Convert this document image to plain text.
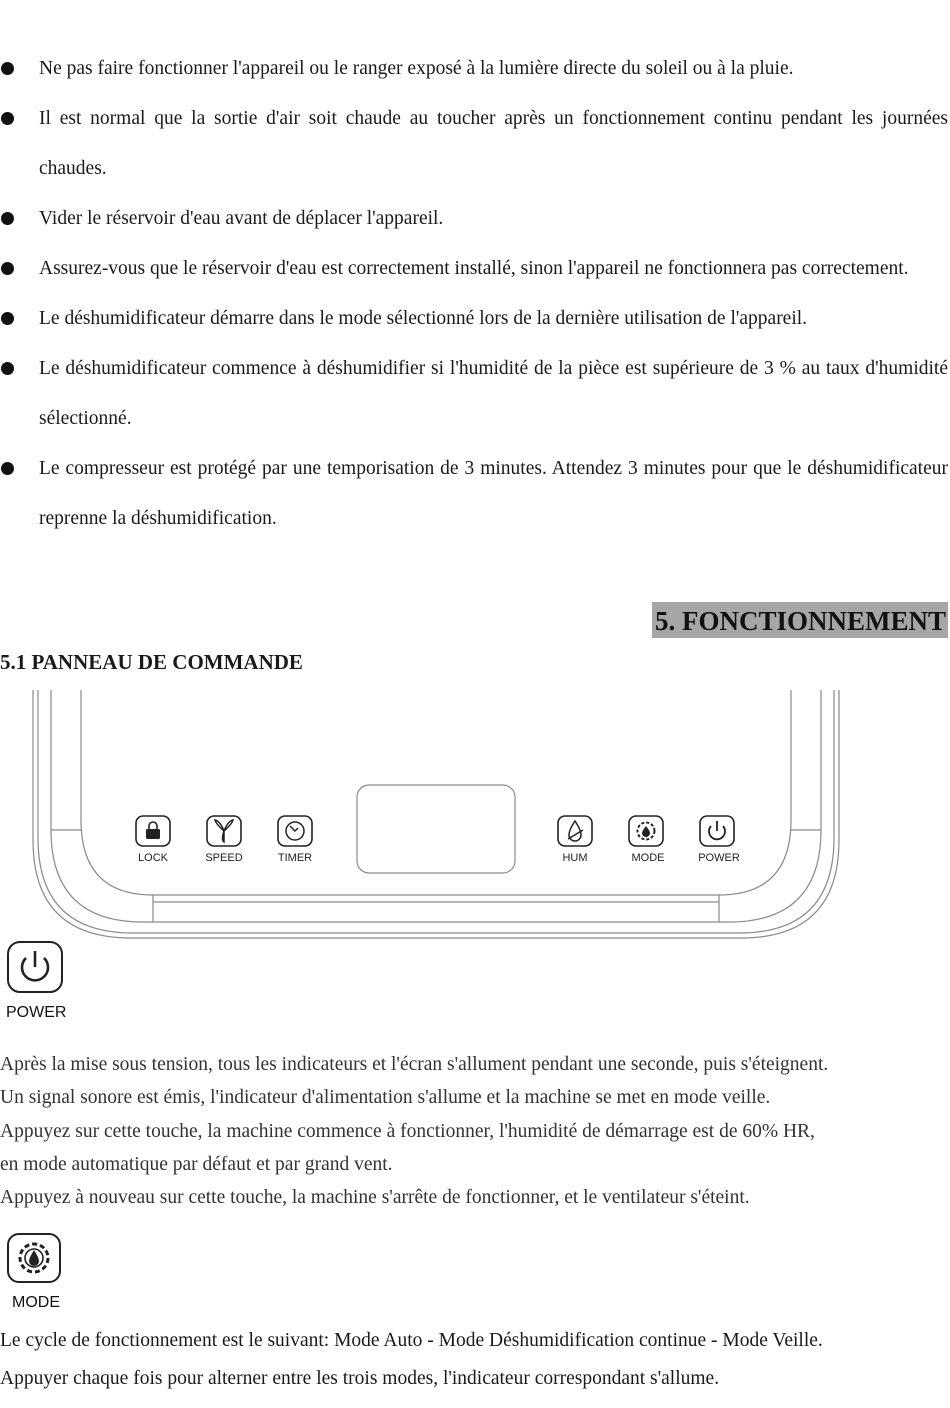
Ne pas faire fonctionner l'appareil ou le ranger exposé à la lumière directe du soleil ou à la pluie.
Il est normal que la sortie d'air soit chaude au toucher après un fonctionnement continu pendant les journées chaudes.
Vider le réservoir d'eau avant de déplacer l'appareil.
Assurez-vous que le réservoir d'eau est correctement installé, sinon l'appareil ne fonctionnera pas correctement.
Le déshumidificateur démarre dans le mode sélectionné lors de la dernière utilisation de l'appareil.
Le déshumidificateur commence à déshumidifier si l'humidité de la pièce est supérieure de 3 % au taux d'humidité sélectionné.
Le compresseur est protégé par une temporisation de 3 minutes. Attendez 3 minutes pour que le déshumidificateur reprenne la déshumidification.
5. FONCTIONNEMENT
5.1 PANNEAU DE COMMANDE
LOCK	SPEED	TIMER	HUM	MODE	POWER
POWER

Après la mise sous tension, tous les indicateurs et l'écran s'allument pendant une seconde, puis s'éteignent.

Un signal sonore est émis, l'indicateur d'alimentation s'allume et la machine se met en mode veille.

Appuyez sur cette touche, la machine commence à fonctionner, l'humidité de démarrage est de 60% HR,

en mode automatique par défaut et par grand vent.

Appuyez à nouveau sur cette touche, la machine s'arrête de fonctionner, et le ventilateur s'éteint.

MODE

Le cycle de fonctionnement est le suivant: Mode Auto - Mode Déshumidification continue - Mode Veille.

Appuyer chaque fois pour alterner entre les trois modes, l'indicateur correspondant s'allume.
